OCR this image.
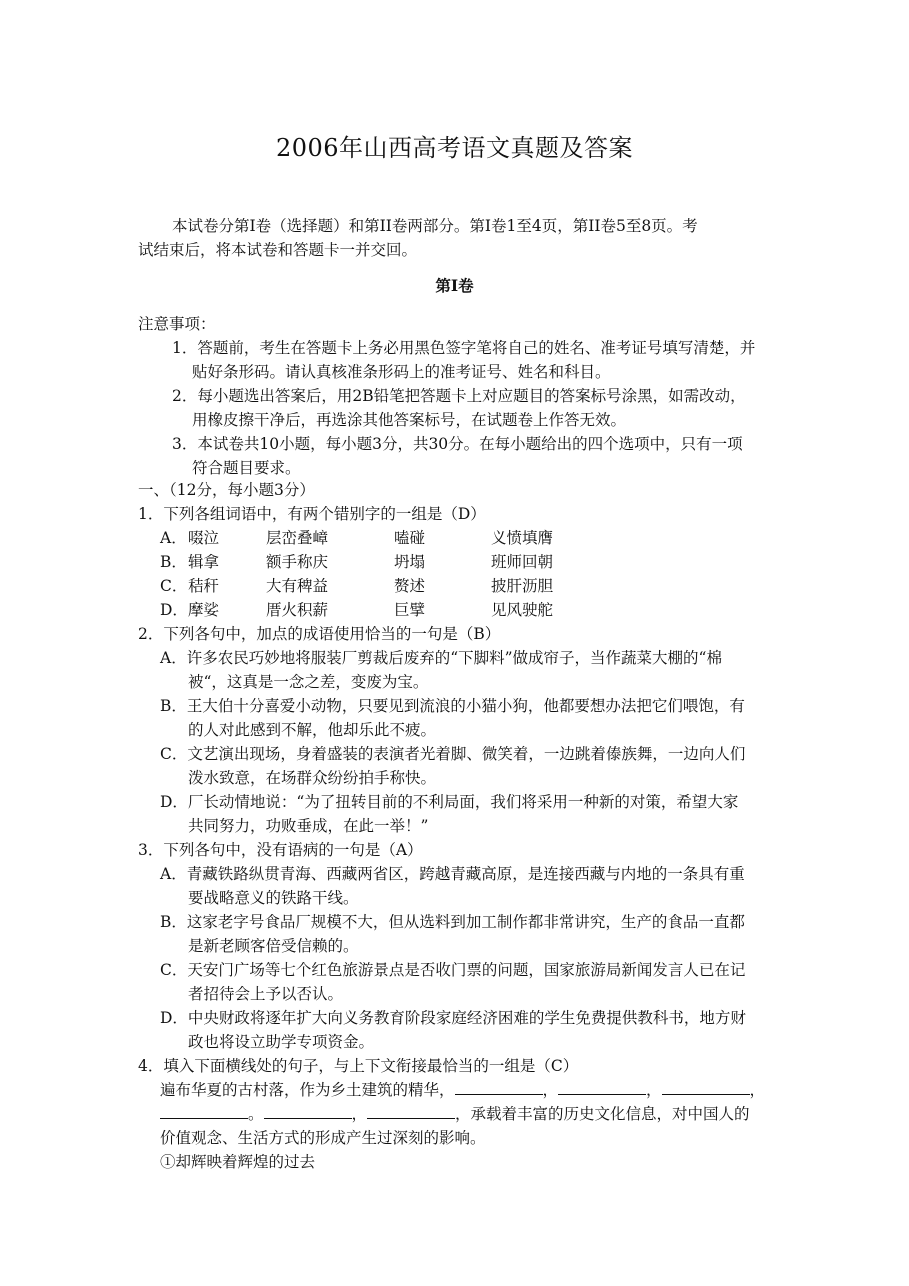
2006年山西高考语文真题及答案
本试卷分第Ⅰ卷（选择题）和第II卷两部分。第Ⅰ卷1至4页，第II卷5至8页。考
试结束后，将本试卷和答题卡一并交回。
第Ⅰ卷
注意事项：
1．答题前，考生在答题卡上务必用黑色签字笔将自己的姓名、准考证号填写清楚，并
贴好条形码。请认真核准条形码上的准考证号、姓名和科目。
2．每小题选出答案后，用2B铅笔把答题卡上对应题目的答案标号涂黑，如需改动，
用橡皮擦干净后，再选涂其他答案标号，在试题卷上作答无效。
3．本试卷共10小题，每小题3分，共30分。在每小题给出的四个选项中，只有一项
符合题目要求。
一、（12分，每小题3分）
1．下列各组词语中，有两个错别字的一组是（D）
A． 啜泣	层峦叠嶂	嗑碰	义愤填膺
B． 辑拿	额手称庆	坍塌	班师回朝
C． 秸秆	大有稗益	赘述	披肝沥胆
D． 摩娑	厝火积薪	巨擘	见风驶舵
2．下列各句中，加点的成语使用恰当的一句是（B）
A．许多农民巧妙地将服装厂剪裁后废弃的“下脚料”做成帘子，当作蔬菜大棚的“棉
被“，这真是一念之差，变废为宝。
B．王大伯十分喜爱小动物，只要见到流浪的小猫小狗，他都要想办法把它们喂饱，有
的人对此感到不解，他却乐此不疲。
C．文艺演出现场，身着盛装的表演者光着脚、微笑着，一边跳着傣族舞，一边向人们
泼水致意，在场群众纷纷拍手称快。
D．厂长动情地说：“为了扭转目前的不利局面，我们将采用一种新的对策，希望大家
共同努力，功败垂成，在此一举！”
3．下列各句中，没有语病的一句是（A）
A．青藏铁路纵贯青海、西藏两省区，跨越青藏高原，是连接西藏与内地的一条具有重
要战略意义的铁路干线。
B．这家老字号食品厂规模不大，但从选料到加工制作都非常讲究，生产的食品一直都
是新老顾客倍受信赖的。
C．天安门广场等七个红色旅游景点是否收门票的问题，国家旅游局新闻发言人已在记
者招待会上予以否认。
D．中央财政将逐年扩大向义务教育阶段家庭经济困难的学生免费提供教科书，地方财
政也将设立助学专项资金。
4．填入下面横线处的句子，与上下文衔接最恰当的一组是（C）
遍布华夏的古村落，作为乡土建筑的精华，	，	，	，
。	，	，承载着丰富的历史文化信息，对中国人的
价值观念、生活方式的形成产生过深刻的影响。
①却辉映着辉煌的过去
